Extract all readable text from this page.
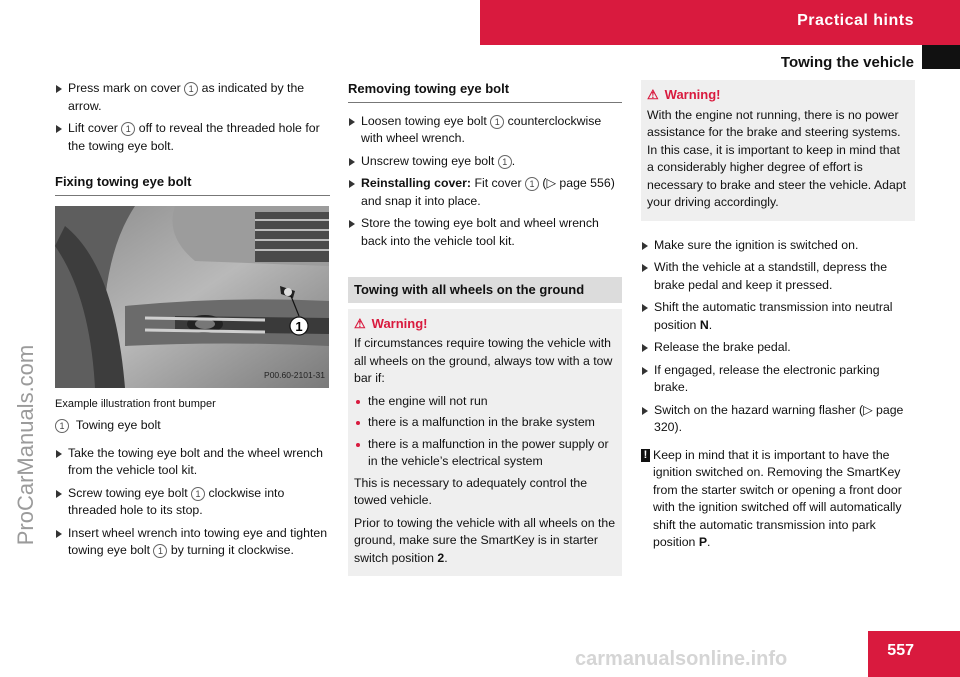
Practical hints
Towing the vehicle
ProCarManuals.com
Press mark on cover 1 as indicated by the arrow.
Lift cover 1 off to reveal the threaded hole for the towing eye bolt.
Fixing towing eye bolt
1
P00.60-2101-31
Example illustration front bumper
1 Towing eye bolt
Take the towing eye bolt and the wheel wrench from the vehicle tool kit.
Screw towing eye bolt 1 clockwise into threaded hole to its stop.
Insert wheel wrench into towing eye and tighten towing eye bolt 1 by turning it clockwise.
Removing towing eye bolt
Loosen towing eye bolt 1 counterclockwise with wheel wrench.
Unscrew towing eye bolt 1 .
Reinstalling cover: Fit cover 1 (▷ page 556) and snap it into place.
Store the towing eye bolt and wheel wrench back into the vehicle tool kit.
Towing with all wheels on the ground
⚠ Warning!

If circumstances require towing the vehicle with all wheels on the ground, always tow with a tow bar if:

the engine will not run
there is a malfunction in the brake system
there is a malfunction in the power supply or in the vehicle’s electrical system

This is necessary to adequately control the towed vehicle.

Prior to towing the vehicle with all wheels on the ground, make sure the SmartKey is in starter switch position 2.

⚠ Warning!

With the engine not running, there is no power assistance for the brake and steering systems. In this case, it is important to keep in mind that a considerably higher degree of effort is necessary to brake and steer the vehicle. Adapt your driving accordingly.

Make sure the ignition is switched on.
With the vehicle at a standstill, depress the brake pedal and keep it pressed.
Shift the automatic transmission into neutral position N.
Release the brake pedal.
If engaged, release the electronic parking brake.
Switch on the hazard warning flasher (▷ page 320).
! Keep in mind that it is important to have the ignition switched on. Removing the SmartKey from the starter switch or opening a front door with the ignition switched off will automatically shift the automatic transmission into park position P.
557
carmanualsonline.info
